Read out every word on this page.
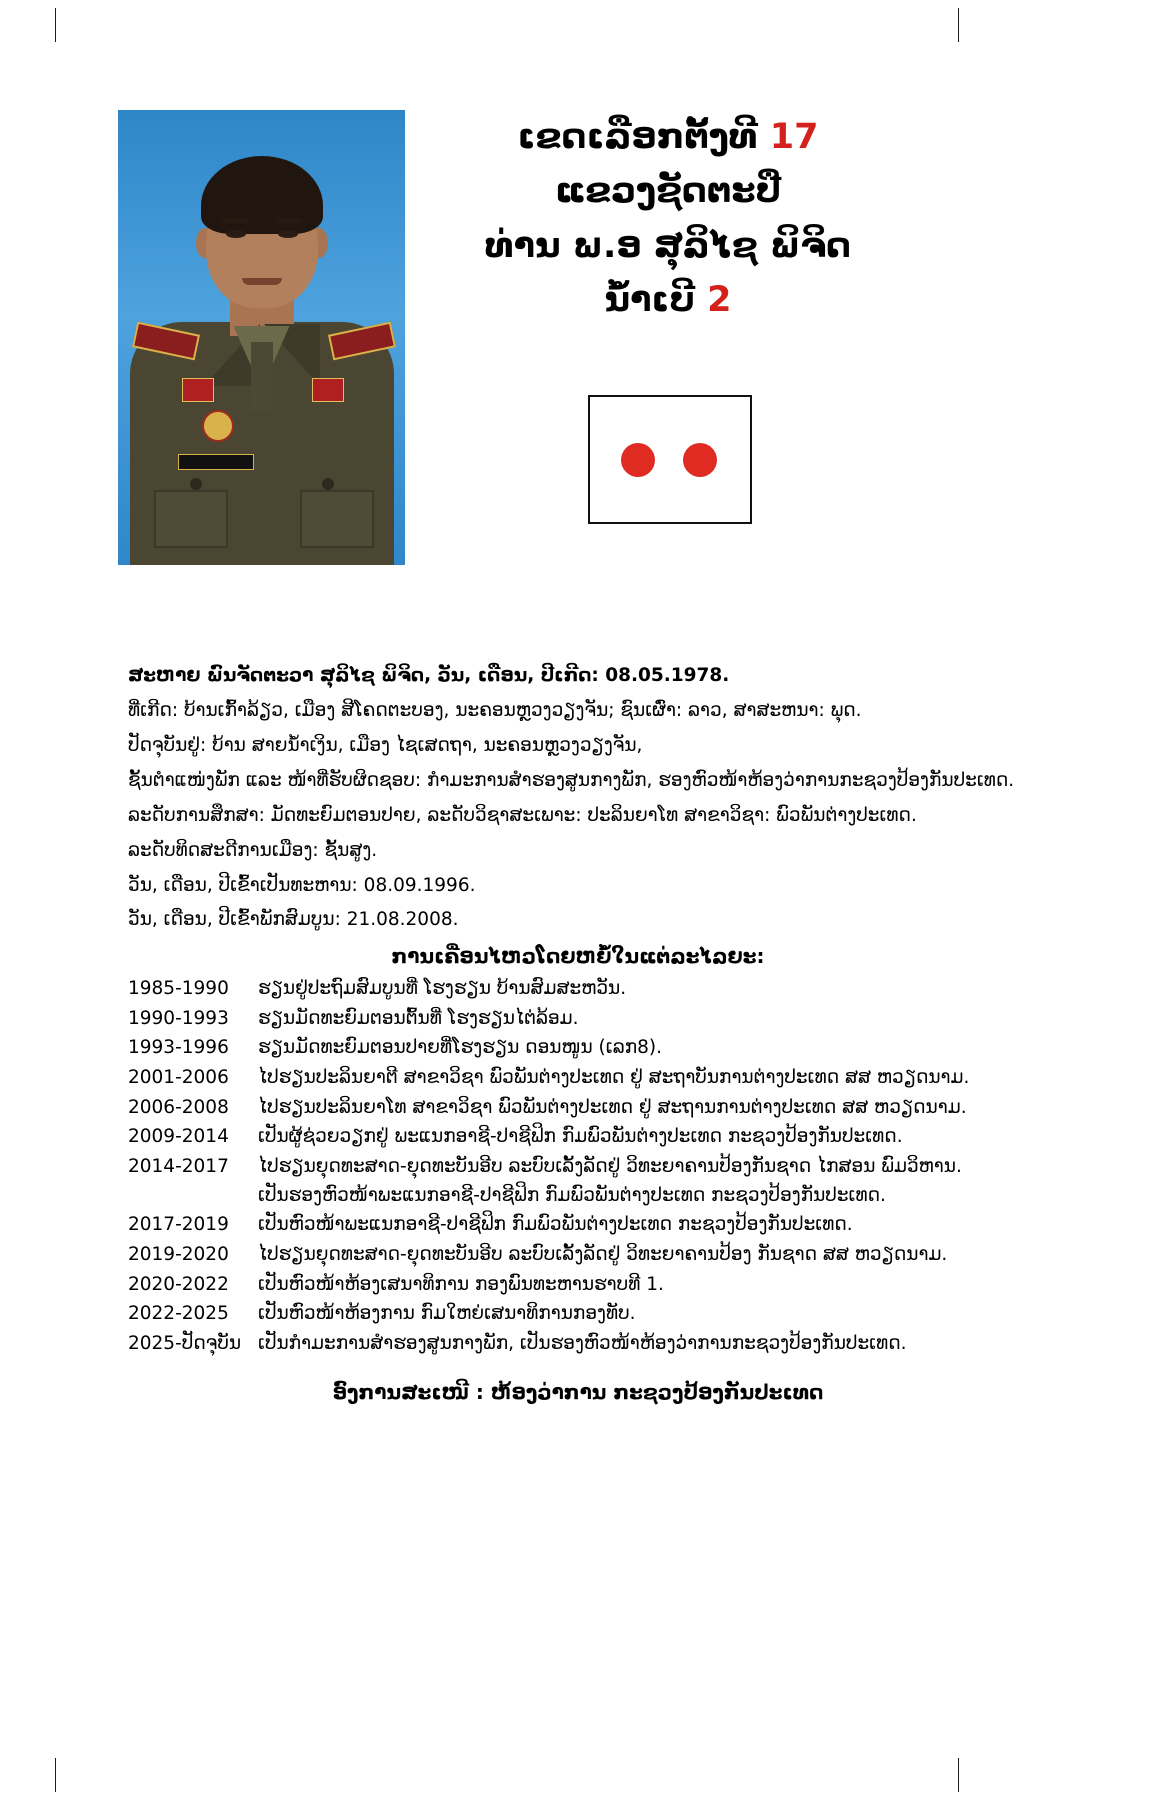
ເຂດເລືອກຕັ້ງທີ 17
ແຂວງຊັດຕະປື
ທ່ານ ພ.ອ ສຸລິໄຊ ພິຈິດ
ນ້ຳເບີ 2

ສະຫາຍ ພົນຈັດຕະວາ ສຸລິໄຊ ພິຈິດ, ວັນ, ເດືອນ, ປີເກີດ: 08.05.1978.

ທີ່ເກີດ: ບ້ານເກົ້າລ້ຽວ, ເມືອງ ສີໂຄດຕະບອງ, ນະຄອນຫຼວງວຽງຈັນ; ຊົນເຜົ່າ: ລາວ, ສາສະຫນາ: ພຸດ.

ປັດຈຸບັນຢູ່: ບ້ານ ສາຍນ້ຳເງິນ, ເມືອງ ໄຊເສດຖາ, ນະຄອນຫຼວງວຽງຈັນ,

ຊັ້ນຕຳແໜ່ງພັກ ແລະ ໜ້າທີ່ຮັບຜິດຊອບ: ກຳມະການສຳຮອງສູນກາງພັກ, ຮອງຫົວໜ້າຫ້ອງວ່າການກະຊວງປ້ອງກັນປະເທດ.

ລະດັບການສຶກສາ: ມັດທະຍົມຕອນປາຍ, ລະດັບວິຊາສະເພາະ: ປະລິນຍາໂທ ສາຂາວິຊາ: ພົວພັນຕ່າງປະເທດ.

ລະດັບທິດສະດີການເມືອງ: ຊັ້ນສູງ.

ວັນ, ເດືອນ, ປີເຂົ້າເປັນທະຫານ: 08.09.1996.

ວັນ, ເດືອນ, ປີເຂົ້າພັກສົມບູນ: 21.08.2008.

ການເຄື່ອນໄຫວໂດຍຫຍໍ້ໃນແຕ່ລະໄລຍະ:

1985-1990	ຮຽນຢູ່ປະຖົມສົມບູນທີ່ ໂຮງຮຽນ ບ້ານສົມສະຫວັນ.
1990-1993	ຮຽນມັດທະຍົມຕອນຕົ້ນທີ່ ໂຮງຮຽນໄຕ່ລ້ອມ.
1993-1996	ຮຽນມັດທະຍົມຕອນປາຍທີ່ໂຮງຮຽນ ດອນໜູນ (ເລກ8).
2001-2006	ໄປຮຽນປະລິນຍາຕີ ສາຂາວິຊາ ພົວພັນຕ່າງປະເທດ ຢູ່ ສະຖາບັນການຕ່າງປະເທດ ສສ ຫວຽດນາມ.
2006-2008	ໄປຮຽນປະລິນຍາໂທ ສາຂາວິຊາ ພົວພັນຕ່າງປະເທດ ຢູ່ ສະຖານການຕ່າງປະເທດ ສສ ຫວຽດນາມ.
2009-2014	ເປັນຜູ້ຊ່ວຍວຽກຢູ່ ພະແນກອາຊີ-ປາຊີຟິກ ກົມພົວພັນຕ່າງປະເທດ ກະຊວງປ້ອງກັນປະເທດ.
2014-2017	ໄປຮຽນຍຸດທະສາດ-ຍຸດທະບັນອີບ ລະບົບເລັ້ງລັດຢູ່ ວິທະຍາຄານປ້ອງກັນຊາດ ໄກສອນ ພົມວິຫານ.
ເປັນຮອງຫົວໜ້າພະແນກອາຊີ-ປາຊີຟິກ ກົມພົວພັນຕ່າງປະເທດ ກະຊວງປ້ອງກັນປະເທດ.
2017-2019	ເປັນຫົວໜ້າພະແນກອາຊີ-ປາຊີຟິກ ກົມພົວພັນຕ່າງປະເທດ ກະຊວງປ້ອງກັນປະເທດ.
2019-2020	ໄປຮຽນຍຸດທະສາດ-ຍຸດທະບັນອີບ ລະບົບເລັ້ງລັດຢູ່ ວິທະຍາຄານປ້ອງ ກັນຊາດ ສສ ຫວຽດນາມ.
2020-2022	ເປັນຫົວໜ້າຫ້ອງເສນາທິການ ກອງພົນທະຫານຮາບທີ 1.
2022-2025	ເປັນຫົວໜ້າຫ້ອງການ ກົມໃຫຍ່ເສນາທິການກອງທັບ.
2025-ປັດຈຸບັນ ເປັນກຳມະການສຳຮອງສູນກາງພັກ, ເປັນຮອງຫົວໜ້າຫ້ອງວ່າການກະຊວງປ້ອງກັນປະເທດ.
ອົງການສະເໜີ : ຫ້ອງວ່າການ ກະຊວງປ້ອງກັນປະເທດ
